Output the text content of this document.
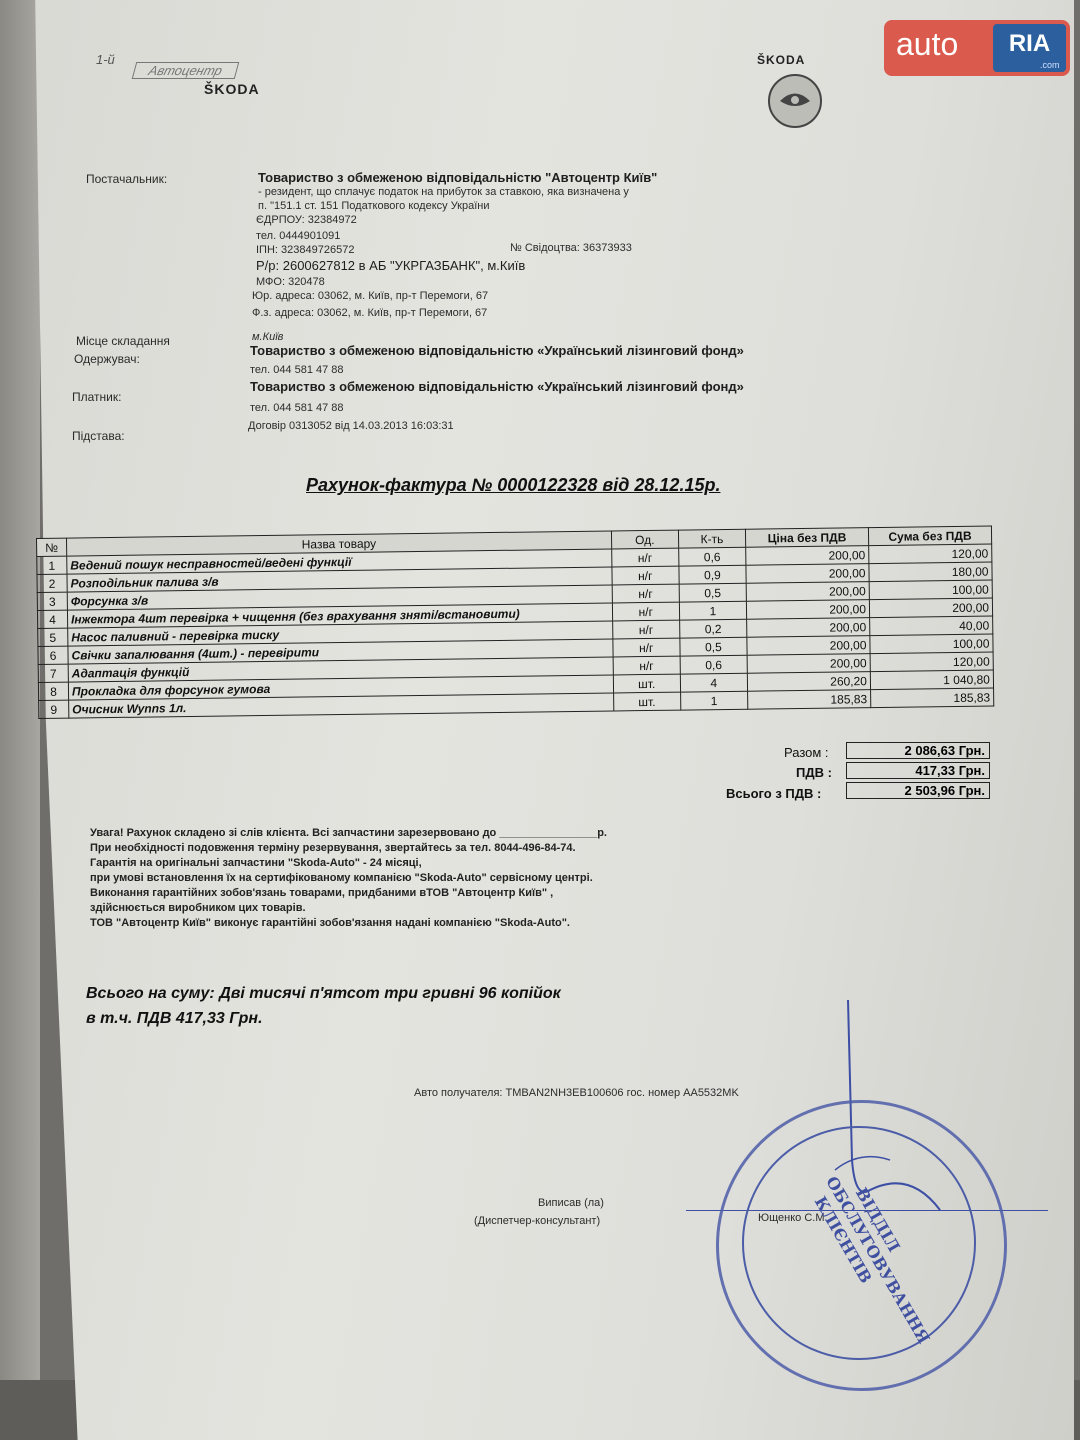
auto	RIA
.com
1-й
Автоцентр
ŠKODA
ŠKODA
Постачальник:	Товариство з обмеженою відповідальністю "Автоцентр Київ"
- резидент, що сплачує податок на прибуток за ставкою, яка визначена у
п. "151.1 ст. 151 Податкового кодексу України
ЄДРПОУ: 32384972
тел. 0444901091
ІПН: 323849726572	№ Свідоцтва: 36373933
Р/р: 2600627812 в АБ "УКРГАЗБАНК", м.Київ
МФО: 320478
Юр. адреса: 03062, м. Київ, пр-т Перемоги, 67
Ф.з. адреса: 03062, м. Київ, пр-т Перемоги, 67
Місце складання	м.Київ
Одержувач:
Товариство з обмеженою відповідальністю «Український лізинговий фонд»
тел. 044 581 47 88
Платник:
Товариство з обмеженою відповідальністю «Український лізинговий фонд»
тел. 044 581 47 88
Підстава:
Договір 0313052 від 14.03.2013 16:03:31
Рахунок-фактура № 0000122328 від 28.12.15р.
№	Назва товару	Од.	К-ть	Ціна без ПДВ	Сума без ПДВ
1	Ведений пошук несправностей/ведені функції	н/г	0,6	200,00	120,00
2	Розподільник палива з/в	н/г	0,9	200,00	180,00
3	Форсунка з/в	н/г	0,5	200,00	100,00
4	Інжектора 4шт перевірка + чищення (без врахування зняті/встановити)	н/г	1	200,00	200,00
5	Насос паливний - перевірка тиску	н/г	0,2	200,00	40,00
6	Свічки запалювання (4шт.) - перевірити	н/г	0,5	200,00	100,00
7	Адаптація функцій	н/г	0,6	200,00	120,00
8	Прокладка для форсунок гумова	шт.	4	260,20	1 040,80
9	Очисник Wynns 1л.	шт.	1	185,83	185,83
Разом :	2 086,63 Грн.
ПДВ :	417,33 Грн.
Всього з ПДВ :	2 503,96 Грн.
Увага! Рахунок складено зі слів клієнта. Всі запчастини зарезервовано до ________________р.
При необхідності подовження терміну резервування, звертайтесь за тел. 8044-496-84-74.
Гарантія на оригінальні запчастини "Skoda-Auto" - 24 місяці,
при умові встановлення їх на сертифікованому компанією "Skoda-Auto" сервісному центрі.
Виконання гарантійних зобов'язань товарами, придбаними вТОВ "Автоцентр Київ" ,
здійснюється виробником цих товарів.
ТОВ "Автоцентр Київ" виконує гарантійні зобов'язання надані компанією "Skoda-Auto".
Всього на суму: Дві тисячі п'ятсот три гривні 96 копійок
в т.ч. ПДВ 417,33 Грн.
Авто получателя: TMBAN2NH3EB100606 гос. номер AA5532MK
Виписав (ла)
(Диспетчер-консультант)	Ющенко С.М.	ВІДДІЛ ОБСЛУГОВУВАННЯ КЛІЄНТІВ
